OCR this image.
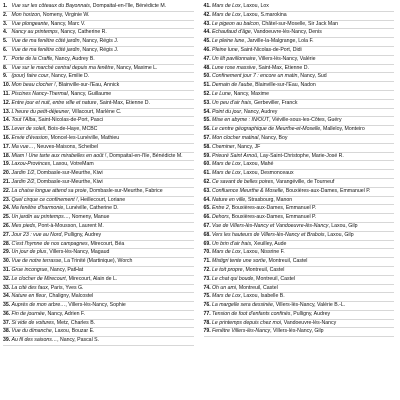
1. Vue sur les côteaux du Bayonnais, Dompaital-en-l'Ile, Bénédicte M.
2. Mon horizon, Nomeny, Virginie W.
3. Vue plongeante, Nancy, Marc V.
4. Nancy au printemps, Nancy, Catherine R.
5. Vue de ma fenêtre côté jardin, Nancy, Régis J.
6. Vue de ma fenêtre côté jardin, Nancy, Régis J.
7. Porte de la Craffe, Nancy, Audrey B.
8. Vue sur le marché central depuis ma fenêtre, Nancy, Maxime L.
9. (pour) faire cour, Nancy, Emilie D.
10. Mon beau clocher !, Blainville-sur-l'Eau, Annick
11. Piscines Nancy-Thermal, Nancy, Guillaume
12. Entre jour et nuit, entre ville et nature, Saint-Max, Etienne D.
13. L'heure du petit-déjeuner, Villacourt, Marlène C.
14. Tout l'Alba, Saint-Nicolas-de-Port, Pasci
15. Lever de soleil, Bois-de-Haye, MCBC
16. Envie d'évasion, Moncel-les-Lunéville, Mathieu
17. Ma vue…, Neuves-Maisons, Scheibel
18. Miam ! Une tarte aux mirabelles en août !, Dompaital-en-l'Ile, Bénédicte M.
19. Laxou-Provinces, Laxou, VotreMam
20. Jardin 1/2, Dombasle-sur-Meurthe, Kiwi
21. Jardin 2/2, Dombasle-sur-Meurthe, Kiwi
22. La chaise longue attend sa proie, Dombasle-sur-Meurthe, Fabrice
23. Quel cirque ce confinement !, Heillecourt, Loriane
24. Ma fenêtre d'harmonie, Lunéville, Catherine D.
25. Un jardin au printemps…, Nomeny, Manue
26. Mes pieds, Pont-à-Mousson, Laurent M.
27. Jour 23 : vue au Nord, Pulligny, Audrey
28. C'est l'hymne de nos campagnes, Mirecourt, Béa
29. Un jour de plus, Villers-lès-Nancy, Magaud
30. Vue de notre terrasse, La Trinité (Martinique), Worch
31. Grue incongrue, Nancy, PatHat
32. Le clocher de Mirecourt, Mirecourt, Alain de L.
33. La cité des faux, Paris, Yves G.
34. Nature en fleur, Chaligny, Malcostel
35. Auprès de mon arbre…, Villers-lès-Nancy, Sophie
36. Fin de journée, Nancy, Adrien F.
37. Si vide de voitures, Metz, Charles B.
38. Vue du dimanche, Laxou, Bouzar E.
39. Au fil des saisons…, Nancy, Pascal S.
41. Mars de Lox, Laxou, Lox
42. Mars de Lox, Laxou, S.marokina
43. Le pigeon au balcon, Châtel-sur-Moselle, Sir Jack Man
44. Echaufaud d'âge, Vandoeuvre-lès-Nancy, Denis
45. Le pleine lune, Jarville-la-Malgrange, Lola F.
46. Pleine lune, Saint-Nicolas-de-Port, Didi
47. Un lilt pavillonnaire, Villers-lès-Nancy, Valérie
48. Lune rose massive, Saint-Max, Etienne D.
50. Confinement jour 7 : encore un matin, Nancy, Sud
51. Demain de l'aube, Blainville-sur-l'Eau, Nadon
52. Le Lune, Nancy, Maxime
53. Un peu d'air frais, Gerbeviller, Franck
54. Point du jour, Nancy, Audrey
55. Mise en abyme : IN/OUT, Viéville-sous-les-Côtes, Guéry
56. Le centre géographique de Meurthe-et-Moselle, Malleloy, Monteiro
57. Mon clocher matinal, Nancy, Boy
58. Cheminer, Nancy, JF
59. Prieuré Saint Arnoû, Lay-Saint-Christophe, Marie-José R.
60. Mars de Lox, Laxou, Mahé
61. Mars de Lox, Laxou, Desmonceaux
62. Ce savant de belles poires, Varangéville, de Tourneuf
63. Confluence Meurthe & Moselle, Bouxières-aux-Dames, Emmanuel P.
64. Nature en ville, Strasbourg, Manon
65. Entre 2, Bouxières-aux-Dames, Emmanuel P.
66. Dehors, Bouxières-aux-Dames, Emmanuel P.
67. Vue de Villers-lès-Nancy et Vandoeuvre-lès-Nancy, Laxou, Gilp
68. Vers les hauteurs de Villers-lès-Nancy et Brabois, Laxou, Gilp
69. Un brin d'air frais, Xeuilley, Aude
70. Mars de Lox, Laxou, Nissrine F.
71. Mistigri tente une sortie, Montreuil, Castel
72. Le toit propre, Montreuil, Castel
73. Le chat qui boude, Montreuil, Castel
74. Oh un ami, Montreuil, Castel
75. Mars de Lox, Laxou, Isabelle B.
76. La margelle sera dessinée, Villers-lès-Nancy, Valérie B.-L.
77. Tension de foot d'enfants confinés, Pulligny, Audrey
78. Le printemps depuis chez moi, Vandoeuvre-lès-Nancy
79. Fenêtre Villers-lès-Nancy, Villers-lès-Nancy, Gilp
